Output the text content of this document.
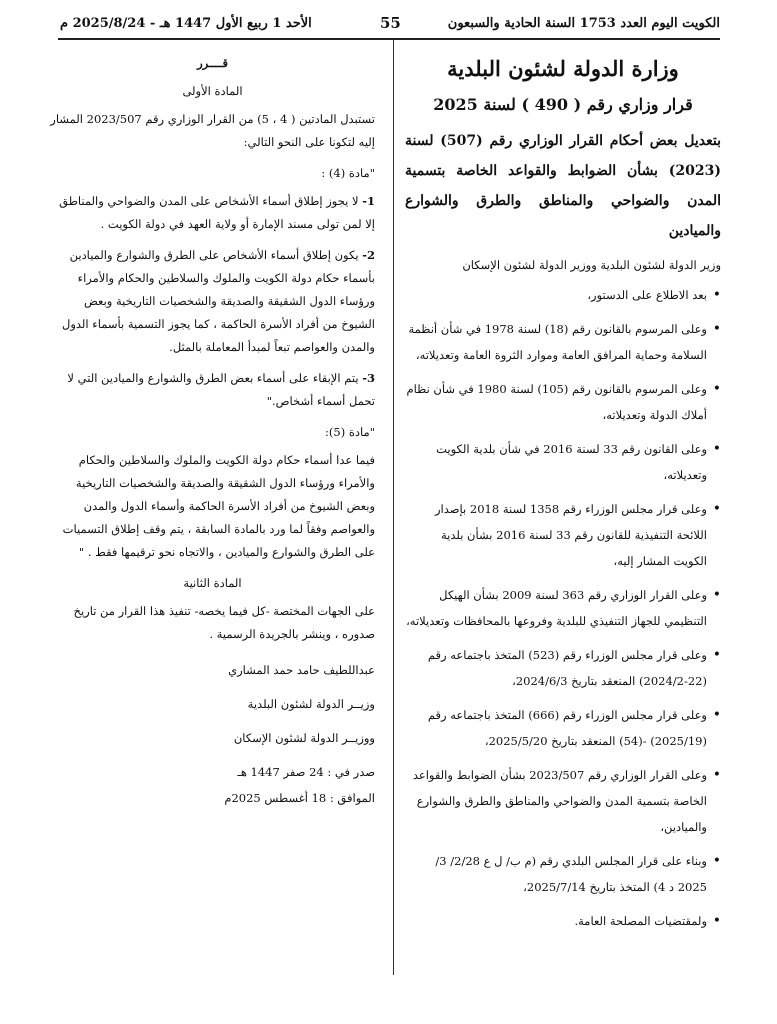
الكويت اليوم العدد 1753 السنة الحادية والسبعون
55
الأحد 1 ربيع الأول 1447 هـ - 2025/8/24 م
وزارة الدولة لشئون البلدية
قرار وزاري رقم ( 490 ) لسنة 2025
بتعديل بعض أحكام القرار الوزاري رقم (507) لسنة (2023) بشأن الضوابط والقواعد الخاصة بتسمية المدن والضواحي والمناطق والطرق والشوارع والميادين
وزير الدولة لشئون البلدية ووزير الدولة لشئون الإسكان
• بعد الاطلاع على الدستور،
• وعلى المرسوم بالقانون رقم (18) لسنة 1978 في شأن أنظمة السلامة وحماية المرافق العامة وموارد الثروة العامة وتعديلاته،
• وعلى المرسوم بالقانون رقم (105) لسنة 1980 في شأن نظام أملاك الدولة وتعديلاته،
• وعلى القانون رقم 33 لسنة 2016 في شأن بلدية الكويت وتعديلاته،
• وعلى قرار مجلس الوزراء رقم 1358 لسنة 2018 بإصدار اللائحة التنفيذية للقانون رقم 33 لسنة 2016 بشأن بلدية الكويت المشار إليه،
• وعلى القرار الوزاري رقم 363 لسنة 2009 بشأن الهيكل التنظيمي للجهاز التنفيذي للبلدية وفروعها بالمحافظات وتعديلاته،
• وعلى قرار مجلس الوزراء رقم (523) المتخذ باجتماعه رقم (22-2024/2) المنعقد بتاريخ 2024/6/3،
• وعلى قرار مجلس الوزراء رقم (666) المتخذ باجتماعه رقم (2025/19) -(54) المنعقد بتاريخ 2025/5/20،
• وعلى القرار الوزاري رقم 2023/507 بشأن الضوابط والقواعد الخاصة بتسمية المدن والضواحي والمناطق والطرق والشوارع والميادين،
• وبناء على قرار المجلس البلدي رقم (م ب/ ل ع 2/28/ 3/ 2025 د 4) المتخذ بتاريخ 2025/7/14،
• ولمقتضيات المصلحة العامة.
قــــرر
المادة الأولى
تستبدل المادتين ( 4 ، 5) من القرار الوزاري رقم 2023/507 المشار إليه لتكونا على النحو التالي:
"مادة (4) :
1- لا يجوز إطلاق أسماء الأشخاص على المدن والضواحي والمناطق إلا لمن تولى مسند الإمارة أو ولاية العهد في دولة الكويت .
2- يكون إطلاق أسماء الأشخاص على الطرق والشوارع والميادين بأسماء حكام دولة الكويت والملوك والسلاطين والحكام والأمراء ورؤساء الدول الشقيقة والصديقة والشخصيات التاريخية وبعض الشيوخ من أفراد الأسرة الحاكمة ، كما يجوز التسمية بأسماء الدول والمدن والعواصم تبعاً لمبدأ المعاملة بالمثل.
3- يتم الإبقاء على أسماء بعض الطرق والشوارع والميادين التي لا تحمل أسماء أشخاص."
"مادة (5):
فيما عدا أسماء حكام دولة الكويت والملوك والسلاطين والحكام والأمراء ورؤساء الدول الشقيقة والصديقة والشخصيات التاريخية وبعض الشيوخ من أفراد الأسرة الحاكمة وأسماء الدول والمدن والعواصم وفقاً لما ورد بالمادة السابقة ، يتم وقف إطلاق التسميات على الطرق والشوارع والميادين ، والاتجاه نحو ترقيمها فقط . "
المادة الثانية
على الجهات المختصة -كل فيما يخصه- تنفيذ هذا القرار من تاريخ صدوره ، وينشر بالجريدة الرسمية .
عبداللطيف حامد حمد المشاري
وزيــر الدولة لشئون البلدية
ووزيــر الدولة لشئون الإسكان
صدر في : 24 صفر 1447 هـ
الموافق : 18 أغسطس 2025م
